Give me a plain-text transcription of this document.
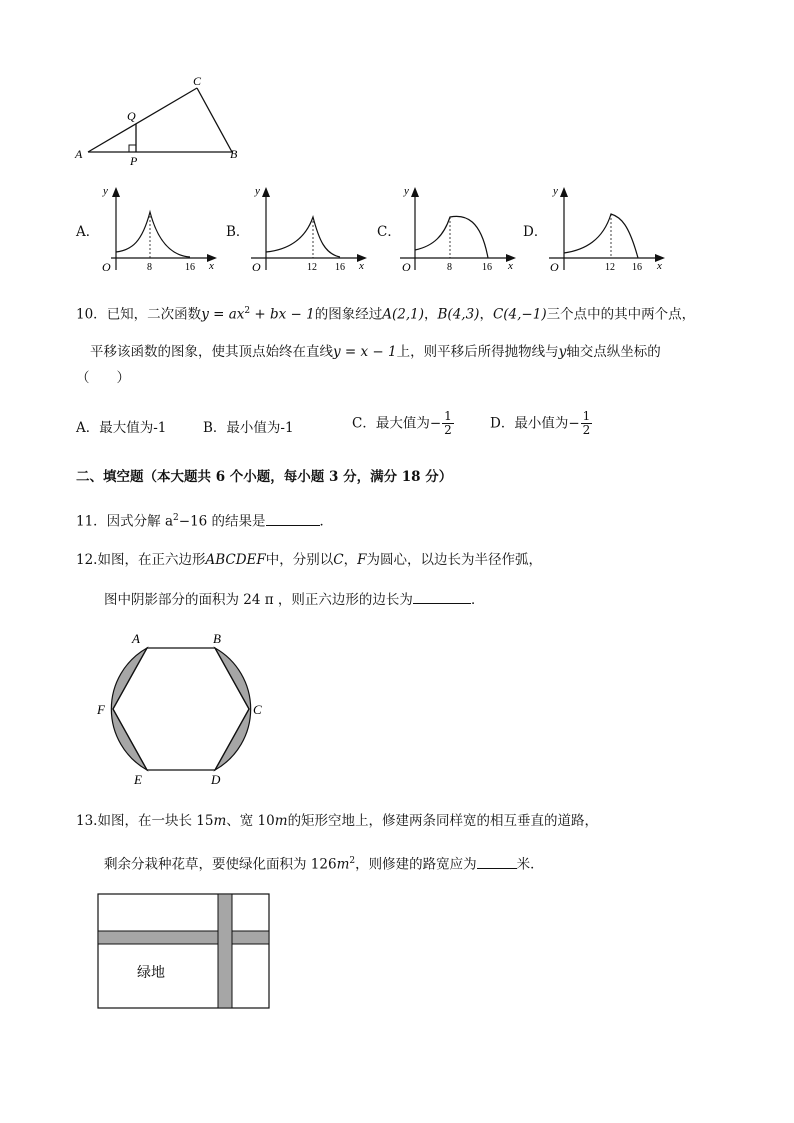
A	B
C
Q
P
A．
y
O	8	16 x
B．
y
O	12 16 x
C．
y
O	8	16 x
D．
y
O	12 16 x
10．已知，二次函数$y = ax^2$ + bx − 1的图象经过A(2,1)，B(4,3)，C(4,−1)三个点中的其中两个点，
平移该函数的图象，使其顶点始终在直线y = x − 1上，则平移后所得抛物线与y轴交点纵坐标的
（　　）
A．最大值为-1	B．最小值为-1	C．最大值为− $\frac{1}{2}$	D．最小值为− $\frac{1}{2}$
二、填空题（本大题共 6 个小题，每小题 3 分，满分 18 分）
11．因式分解 $a^2-16$ 的结果是	．
12.如图，在正六边形ABCDEF中，分别以C，F为圆心，以边长为半径作弧，
图中阴影部分的面积为 24 π ，则正六边形的边长为	．
A	B
C
D
E
F
13.如图，在一块长 15m、宽 10m的矩形空地上，修建两条同样宽的相互垂直的道路，
剩余分栽种花草，要使绿化面积为 $126m^2$，则修建的路宽应为	米．
绿地
